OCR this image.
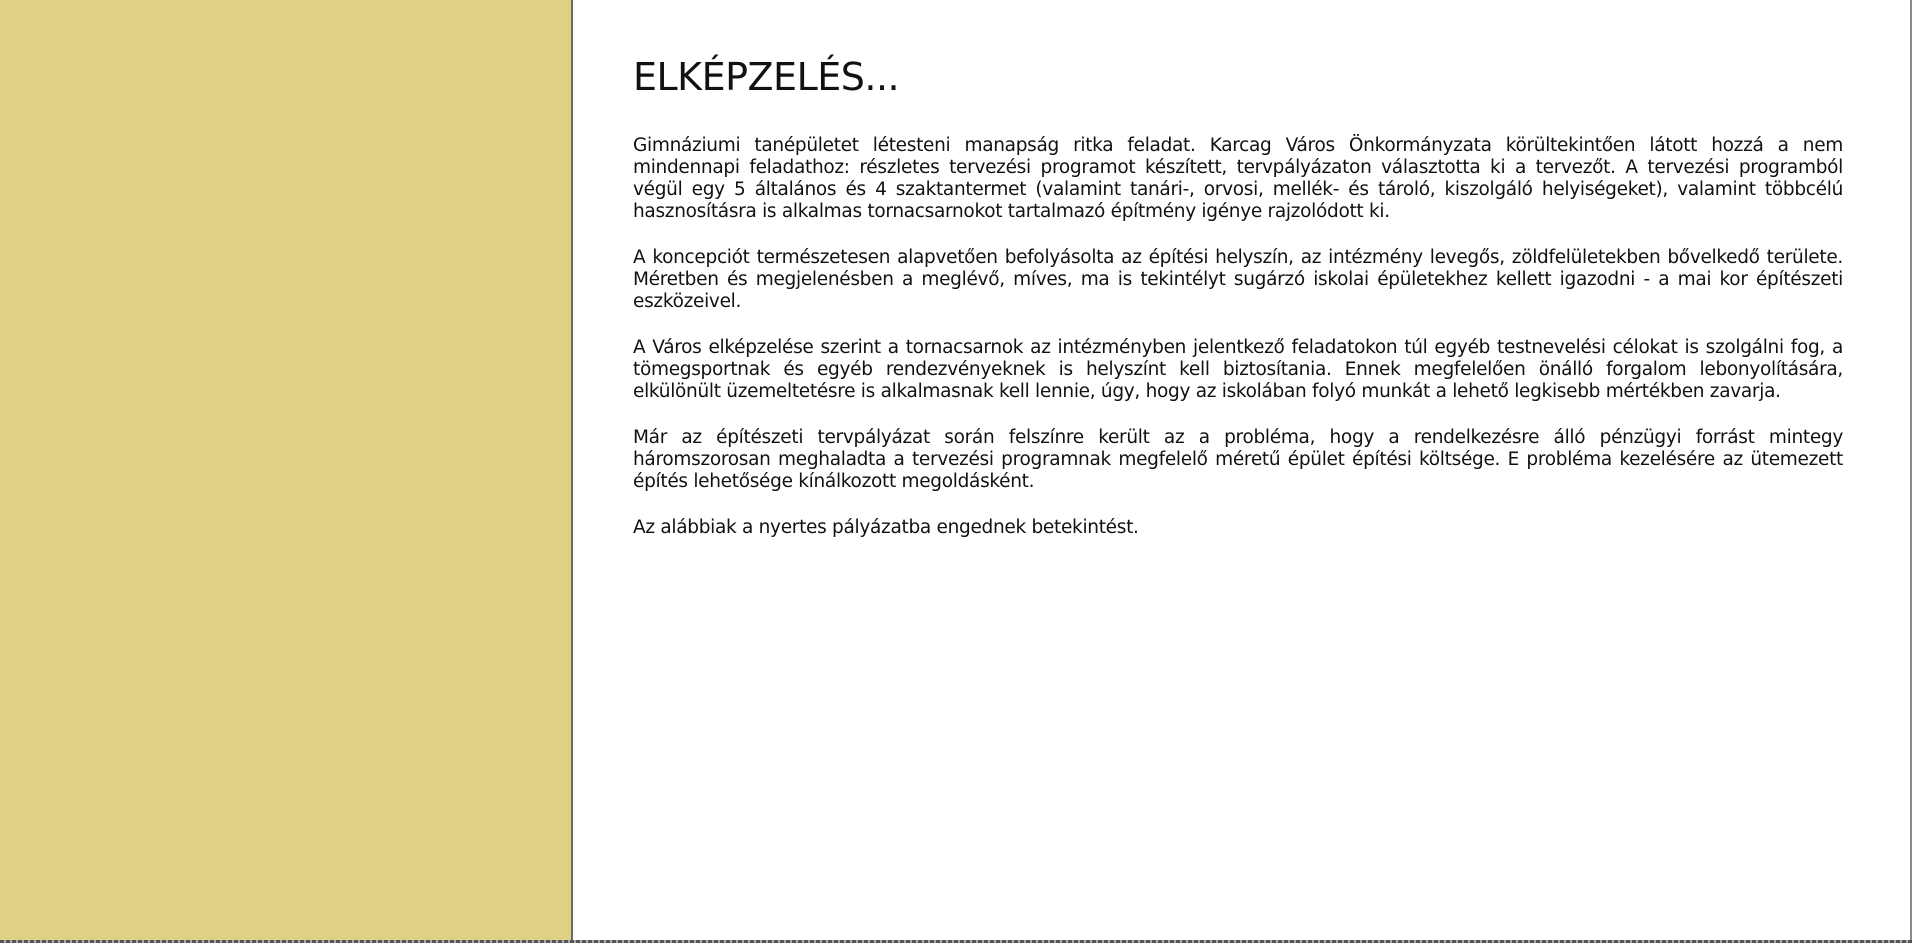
ELKÉPZELÉS...

Gimnáziumi tanépületet létesteni manapság ritka feladat. Karcag Város Önkormányzata körültekintően látott hozzá a nem mindennapi feladathoz: részletes tervezési programot készített, tervpályázaton választotta ki a tervezőt. A tervezési programból végül egy 5 általános és 4 szaktantermet (valamint tanári-, orvosi, mellék- és tároló, kiszolgáló helyiségeket), valamint többcélú hasznosításra is alkalmas tornacsarnokot tartalmazó építmény igénye rajzolódott ki.

A koncepciót természetesen alapvetően befolyásolta az építési helyszín, az intézmény levegős, zöldfelületekben bővelkedő területe. Méretben és megjelenésben a meglévő, míves, ma is tekintélyt sugárzó iskolai épületekhez kellett igazodni - a mai kor építészeti eszközeivel.

A Város elképzelése szerint a tornacsarnok az intézményben jelentkező feladatokon túl egyéb testnevelési célokat is szolgálni fog, a tömegsportnak és egyéb rendezvényeknek is helyszínt kell biztosítania. Ennek megfelelően önálló forgalom lebonyolítására, elkülönült üzemeltetésre is alkalmasnak kell lennie, úgy, hogy az iskolában folyó munkát a lehető legkisebb mértékben zavarja.

Már az építészeti tervpályázat során felszínre került az a probléma, hogy a rendelkezésre álló pénzügyi forrást mintegy háromszorosan meghaladta a tervezési programnak megfelelő méretű épület építési költsége. E probléma kezelésére az ütemezett építés lehetősége kínálkozott megoldásként.

Az alábbiak a nyertes pályázatba engednek betekintést.
